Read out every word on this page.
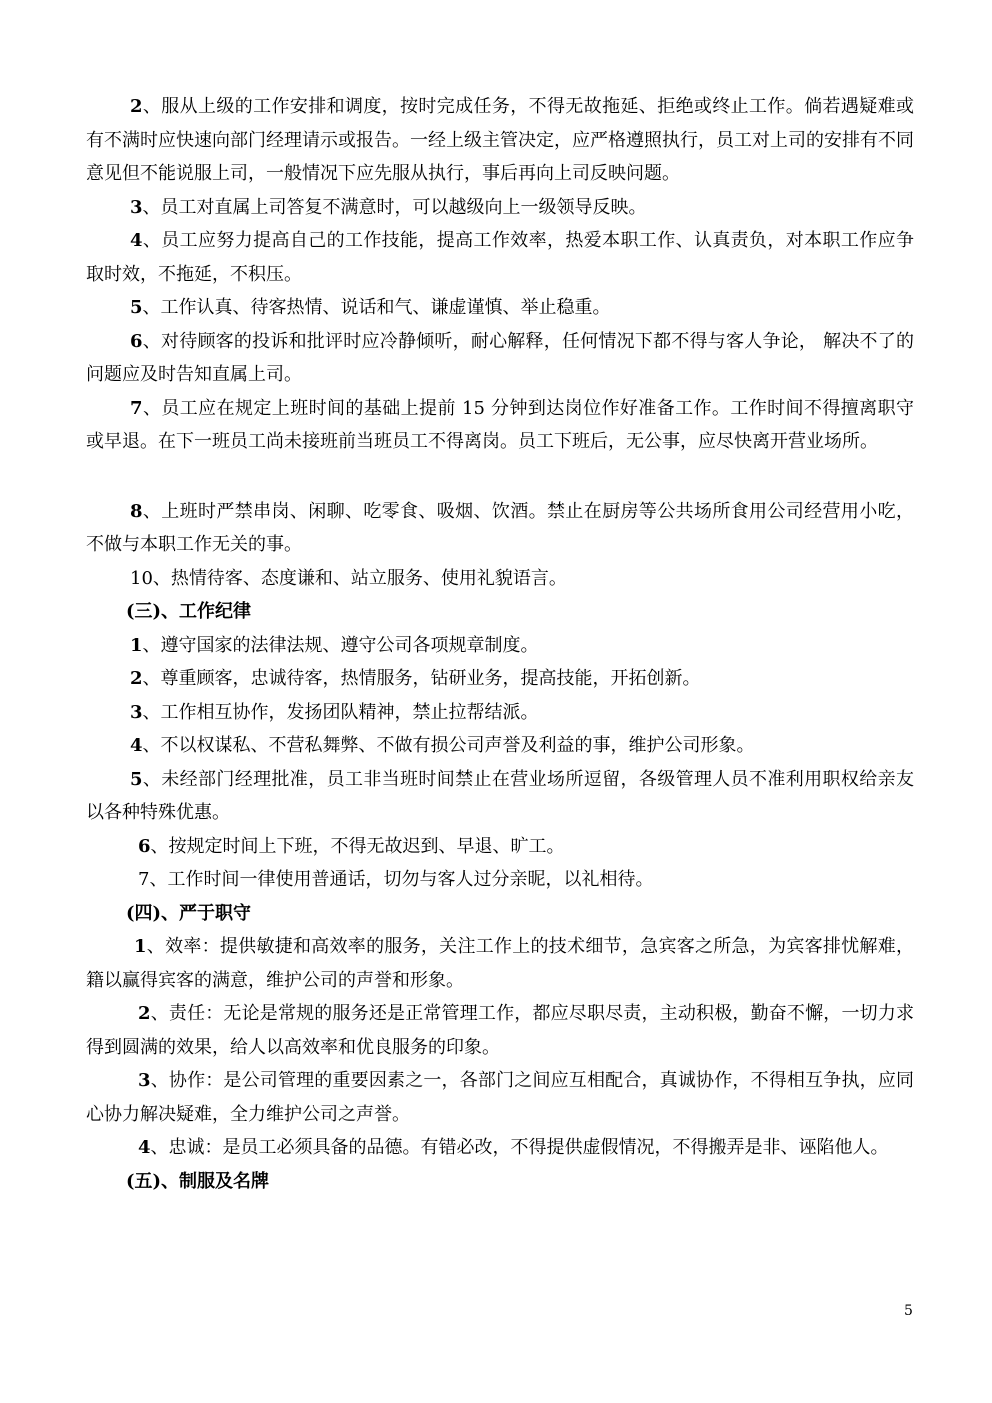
2、服从上级的工作安排和调度，按时完成任务，不得无故拖延、拒绝或终止工作。倘若遇疑难或有不满时应快速向部门经理请示或报告。一经上级主管决定，应严格遵照执行，员工对上司的安排有不同意见但不能说服上司，一般情况下应先服从执行，事后再向上司反映问题。

3、员工对直属上司答复不满意时，可以越级向上一级领导反映。

4、员工应努力提高自己的工作技能，提高工作效率，热爱本职工作、认真责负，对本职工作应争取时效，不拖延，不积压。

5、工作认真、待客热情、说话和气、谦虚谨慎、举止稳重。

6、对待顾客的投诉和批评时应冷静倾听，耐心解释，任何情况下都不得与客人争论， 解决不了的问题应及时告知直属上司。

7、员工应在规定上班时间的基础上提前 15 分钟到达岗位作好准备工作。工作时间不得擅离职守或早退。在下一班员工尚未接班前当班员工不得离岗。员工下班后，无公事，应尽快离开营业场所。

8、上班时严禁串岗、闲聊、吃零食、吸烟、饮酒。禁止在厨房等公共场所食用公司经营用小吃，不做与本职工作无关的事。

10、热情待客、态度谦和、站立服务、使用礼貌语言。

(三)、工作纪律

1、遵守国家的法律法规、遵守公司各项规章制度。

2、尊重顾客，忠诚待客，热情服务，钻研业务，提高技能，开拓创新。

3、工作相互协作，发扬团队精神，禁止拉帮结派。

4、不以权谋私、不营私舞弊、不做有损公司声誉及利益的事，维护公司形象。

5、未经部门经理批准，员工非当班时间禁止在营业场所逗留，各级管理人员不准利用职权给亲友以各种特殊优惠。

6、按规定时间上下班，不得无故迟到、早退、旷工。

7、工作时间一律使用普通话，切勿与客人过分亲昵，以礼相待。

(四)、严于职守

1、效率：提供敏捷和高效率的服务，关注工作上的技术细节，急宾客之所急，为宾客排忧解难，籍以赢得宾客的满意，维护公司的声誉和形象。

2、责任：无论是常规的服务还是正常管理工作，都应尽职尽责，主动积极，勤奋不懈，一切力求得到圆满的效果，给人以高效率和优良服务的印象。

3、协作：是公司管理的重要因素之一，各部门之间应互相配合，真诚协作，不得相互争执，应同心协力解决疑难，全力维护公司之声誉。

4、忠诚：是员工必须具备的品德。有错必改，不得提供虚假情况，不得搬弄是非、诬陷他人。

(五)、制服及名牌

5
